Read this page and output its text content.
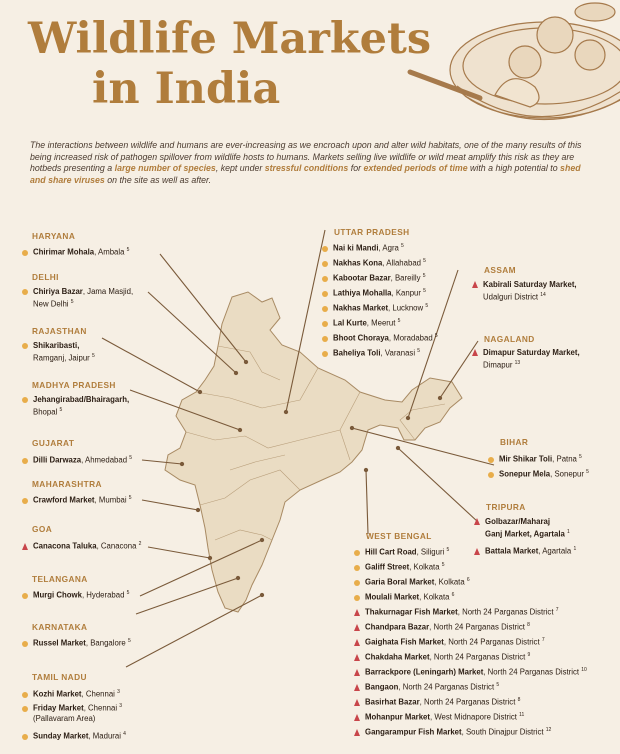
Wildlife Markets
in India

The interactions between wildlife and humans are ever-increasing as we encroach upon and alter wild habitats, one of the many results of this being increased risk of pathogen spillover from wildlife hosts to humans. Markets selling live wildlife or wild meat amplify this risk as they are hotbeds presenting a large number of species, kept under stressful conditions for extended periods of time with a high potential to shed and share viruses on the site as well as after.

HARYANA

Chirimar Mohala, Ambala $^5$

DELHI

Chiriya Bazar, Jama Masjid,
New Delhi $^5$

RAJASTHAN

Shikaribasti,
Ramganj, Jaipur $^5$

MADHYA PRADESH

Jehangirabad/Bhairagarh,
Bhopal $^5$

GUJARAT

Dilli Darwaza, Ahmedabad $^5$

MAHARASHTRA

Crawford Market, Mumbai $^5$

GOA

Canacona Taluka, Canacona $^2$

TELANGANA

Murgi Chowk, Hyderabad $^5$

KARNATAKA

Russel Market, Bangalore $^5$

TAMIL NADU

Kozhi Market, Chennai $^3$
Friday Market, Chennai $^3$
(Pallavaram Area)
Sunday Market, Madurai $^4$

UTTAR PRADESH

Nai ki Mandi, Agra $^5$
Nakhas Kona, Allahabad $^5$
Kabootar Bazar, Bareilly $^5$
Lathiya Mohalla, Kanpur $^5$
Nakhas Market, Lucknow $^5$
Lal Kurte, Meerut $^5$
Bhoot Choraya, Moradabad $^5$
Baheliya Toli, Varanasi $^5$

ASSAM

Kabirali Saturday Market,
Udalguri District $^{14}$

NAGALAND

Dimapur Saturday Market,
Dimapur $^{13}$

BIHAR

Mir Shikar Toli, Patna $^5$
Sonepur Mela, Sonepur $^5$

TRIPURA

Golbazar/Maharaj
Ganj Market, Agartala $^1$
Battala Market, Agartala $^1$

WEST BENGAL

Hill Cart Road, Siliguri $^5$
Galiff Street, Kolkata $^5$
Garia Boral Market, Kolkata $^6$
Moulali Market, Kolkata $^6$
Thakurnagar Fish Market, North 24 Parganas District $^7$
Chandpara Bazar, North 24 Parganas District $^8$
Gaighata Fish Market, North 24 Parganas District $^7$
Chakdaha Market, North 24 Parganas District $^9$
Barrackpore (Leningarh) Market, North 24 Parganas District $^{10}$
Bangaon, North 24 Parganas District $^5$
Basirhat Bazar, North 24 Parganas District $^8$
Mohanpur Market, West Midnapore District $^{11}$
Gangarampur Fish Market, South Dinajpur District $^{12}$
